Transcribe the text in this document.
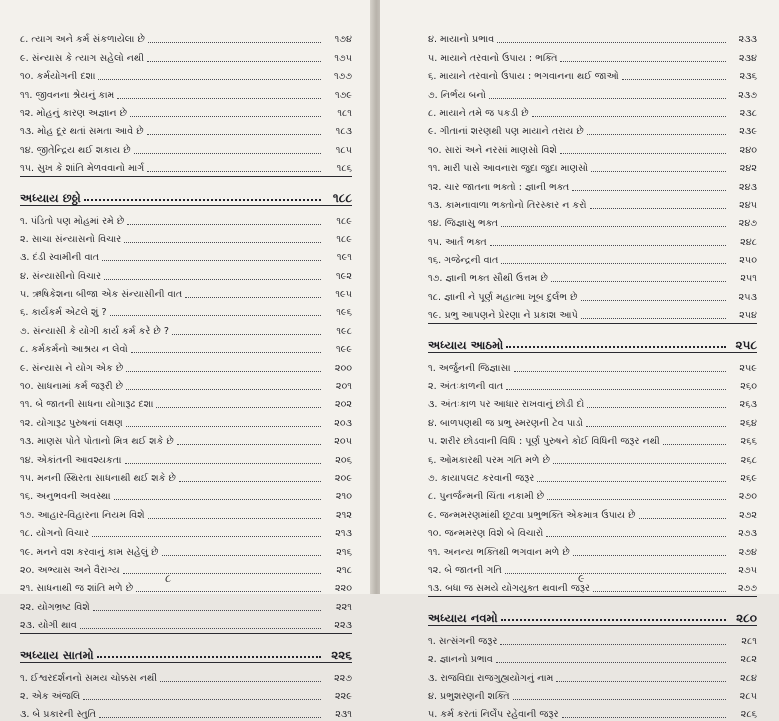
૮. ત્યાગ અને કર્મ સંકળાયેલા છે	૧૭૪
૯. સંન્યાસ કે ત્યાગ સહેલો નથી	૧૭૫
૧૦. કર્મયોગની દશા	૧૭૭
૧૧. જીવનના શ્રેયનું કામ	૧૭૯
૧૨. મોહનું કારણ અજ્ઞાન છે	૧૮૧
૧૩. મોહ દૂર થતાં સમતા આવે છે	૧૮૩
૧૪. જીતેન્દ્રિય થઈ શકાય છે	૧૮૫
૧૫. સુખ કે શાંતિ મેળવવાનો માર્ગ	૧૮૬
અધ્યાય છઠ્ઠો	૧૮૮
૧. પંડિતો પણ મોહમાં રમે છે	૧૮૯
૨. સાચા સંન્યાસનો વિચાર	૧૮૯
૩. દંડી સ્વામીની વાત	૧૯૧
૪. સંન્યાસીનો વિચાર	૧૯૨
૫. ઋષિકેશના બીજા એક સંન્યાસીની વાત	૧૯૫
૬. કાર્યકર્મ એટલે શું ?	૧૯૬
૭. સંન્યાસી કે યોગી કાર્ય કર્મ કરે છે ?	૧૯૮
૮. કર્મકર્મનો આશ્રય ન લેવો	૧૯૯
૯. સંન્યાસ ને યોગ એક છે	૨૦૦
૧૦. સાધનામાં કર્મ જરૂરી છે	૨૦૧
૧૧. બે જાતની સાધના યોગારૂઢ દશા	૨૦૨
૧૨. યોગારૂઢ પુરુષનાં લક્ષણ	૨૦૩
૧૩. માણસ પોતે પોતાનો મિત્ર થઈ શકે છે	૨૦૫
૧૪. એકાંતની આવશ્યકતા	૨૦૬
૧૫. મનની સ્થિરતા સાધનાથી થઈ શકે છે	૨૦૯
૧૬. અનુભવની અવસ્થા	૨૧૦
૧૭. આહાર-વિહારના નિયમ વિશે	૨૧૨
૧૮. યોગનો વિચાર	૨૧૩
૧૯. મનને વશ કરવાનું કામ સહેલું છે	૨૧૬
૨૦. અભ્યાસ અને વૈરાગ્ય	૨૧૮
૨૧. સાધનાથી જ શાંતિ મળે છે	૨૨૦
૨૨. યોગભ્રષ્ટ વિશે	૨૨૧
૨૩. યોગી થાવ	૨૨૩
અધ્યાય સાતમો	૨૨૬
૧. ઈશ્વરદર્શનનો સમય ચોક્કસ નથી	૨૨૭
૨. એક અંજલિ	૨૨૯
૩. બે પ્રકારની સ્તુતિ	૨૩૧
૮
૪. માયાનો પ્રભાવ	૨૩૩
૫. માયાને તરવાનો ઉપાય : ભક્તિ	૨૩૪
૬. માયાને તરવાનો ઉપાય : ભગવાનના થઈ જાઓ	૨૩૬
૭. નિર્ભય બનો	૨૩૭
૮. માયાને તમે જ પકડી છે	૨૩૮
૯. ગીતાનાં શરણથી પણ માયાને તરાય છે	૨૩૯
૧૦. સારાં અને નરસાં માણસો વિશે	૨૪૦
૧૧. મારી પાસે આવનારા જુદા જુદા માણસો	૨૪૨
૧૨. ચાર જાતના ભક્તો : જ્ઞાની ભક્ત	૨૪૩
૧૩. કામનાવાળા ભક્તોનો તિરસ્કાર ન કરો	૨૪૫
૧૪. જિજ્ઞાસુ ભક્ત	૨૪૭
૧૫. આર્ત ભક્ત	૨૪૮
૧૬. ગજેન્દ્રની વાત	૨૫૦
૧૭. જ્ઞાની ભક્ત સૌથી ઉત્તમ છે	૨૫૧
૧૮. જ્ઞાની ને પૂર્ણ મહાત્મા ખૂબ દુર્લભ છે	૨૫૩
૧૯. પ્રભુ આપણને પ્રેરણા ને પ્રકાશ આપે	૨૫૪
અધ્યાય આઠમો	૨૫૮
૧. અર્જુનની જિજ્ઞાસા	૨૫૯
૨. અંતઃકાળની વાત	૨૬૦
૩. અંતઃકાળ પર આધાર રાખવાનું છોડી દો	૨૬૩
૪. બાળપણથી જ પ્રભુ સ્મરણની ટેવ પાડો	૨૬૪
૫. શરીર છોડવાની વિધિ : પૂર્ણ પુરુષને કોઈ વિધિની જરૂર નથી	૨૬૬
૬. ઓમકારથી પરમ ગતિ મળે છે	૨૬૮
૭. કાયાપલટ કરવાની જરૂર	૨૬૯
૮. પુનર્જન્મની ચિંતા નકામી છે	૨૭૦
૯. જન્મમરણમાંથી છૂટવા પ્રભુભક્તિ એકમાત્ર ઉપાય છે	૨૭૨
૧૦. જન્મમરણ વિશે બે વિચારો	૨૭૩
૧૧. અનન્ય ભક્તિથી ભગવાન મળે છે	૨૭૪
૧૨. બે જાતની ગતિ	૨૭૫
૧૩. બધા જ સમયે યોગયુક્ત થવાની જરૂર	૨૭૭
અધ્યાય નવમો	૨૮૦
૧. સત્સંગની જરૂર	૨૮૧
૨. જ્ઞાનનો પ્રભાવ	૨૮૨
૩. રાજવિદ્યા રાજગુહ્યયોગનું નામ	૨૮૪
૪. પ્રભુશરણની શક્તિ	૨૮૫
૫. કર્મ કરતાં નિર્લેપ રહેવાની જરૂર	૨૮૬
૯
